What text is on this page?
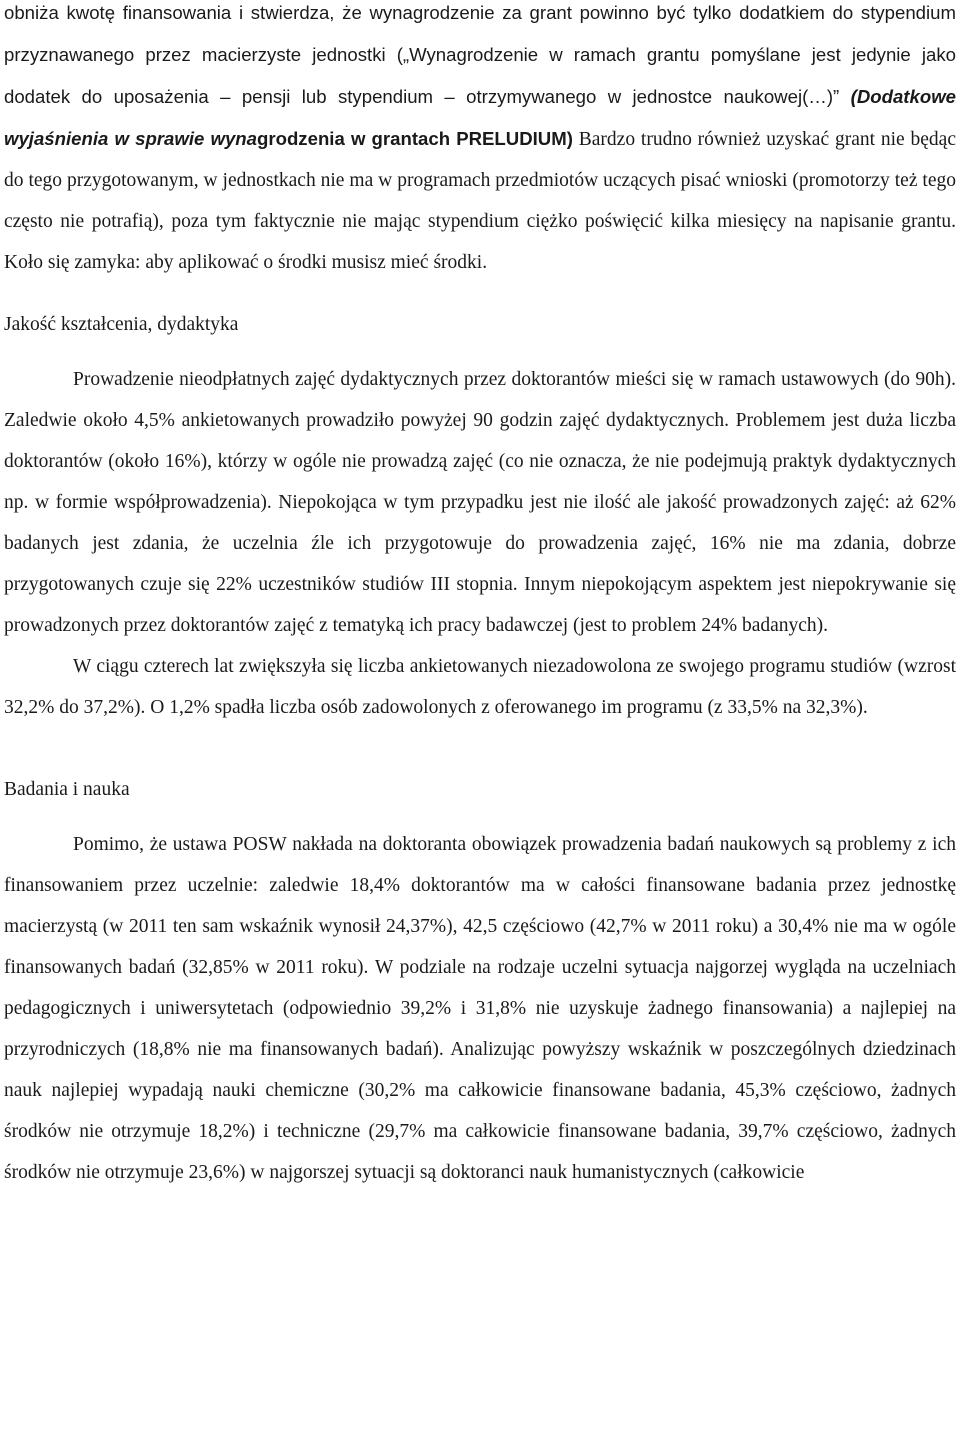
obniża kwotę finansowania i stwierdza, że wynagrodzenie za grant powinno być tylko dodatkiem do stypendium przyznawanego przez macierzyste jednostki („Wynagrodzenie w ramach grantu pomyślane jest jedynie jako dodatek do uposażenia – pensji lub stypendium – otrzymywanego w jednostce naukowej(…)” (Dodatkowe wyjaśnienia w sprawie wynagrodzenia w grantach PRELUDIUM) Bardzo trudno również uzyskać grant nie będąc do tego przygotowanym, w jednostkach nie ma w programach przedmiotów uczących pisać wnioski (promotorzy też tego często nie potrafią), poza tym faktycznie nie mając stypendium ciężko poświęcić kilka miesięcy na napisanie grantu. Koło się zamyka: aby aplikować o środki musisz mieć środki.

Jakość kształcenia, dydaktyka

Prowadzenie nieodpłatnych zajęć dydaktycznych przez doktorantów mieści się w ramach ustawowych (do 90h). Zaledwie około 4,5% ankietowanych prowadziło powyżej 90 godzin zajęć dydaktycznych. Problemem jest duża liczba doktorantów (około 16%), którzy w ogóle nie prowadzą zajęć (co nie oznacza, że nie podejmują praktyk dydaktycznych np. w formie współprowadzenia). Niepokojąca w tym przypadku jest nie ilość ale jakość prowadzonych zajęć: aż 62% badanych jest zdania, że uczelnia źle ich przygotowuje do prowadzenia zajęć, 16% nie ma zdania, dobrze przygotowanych czuje się 22% uczestników studiów III stopnia. Innym niepokojącym aspektem jest niepokrywanie się prowadzonych przez doktorantów zajęć z tematyką ich pracy badawczej (jest to problem 24% badanych).

W ciągu czterech lat zwiększyła się liczba ankietowanych niezadowolona ze swojego programu studiów (wzrost 32,2% do 37,2%). O 1,2% spadła liczba osób zadowolonych z oferowanego im programu (z 33,5% na 32,3%).

Badania i nauka

Pomimo, że ustawa POSW nakłada na doktoranta obowiązek prowadzenia badań naukowych są problemy z ich finansowaniem przez uczelnie: zaledwie 18,4% doktorantów ma w całości finansowane badania przez jednostkę macierzystą (w 2011 ten sam wskaźnik wynosił 24,37%), 42,5 częściowo (42,7% w 2011 roku) a 30,4% nie ma w ogóle finansowanych badań (32,85% w 2011 roku). W podziale na rodzaje uczelni sytuacja najgorzej wygląda na uczelniach pedagogicznych i uniwersytetach (odpowiednio 39,2% i 31,8% nie uzyskuje żadnego finansowania) a najlepiej na przyrodniczych (18,8% nie ma finansowanych badań). Analizując powyższy wskaźnik w poszczególnych dziedzinach nauk najlepiej wypadają nauki chemiczne (30,2% ma całkowicie finansowane badania, 45,3% częściowo, żadnych środków nie otrzymuje 18,2%) i techniczne (29,7% ma całkowicie finansowane badania, 39,7% częściowo, żadnych środków nie otrzymuje 23,6%) w najgorszej sytuacji są doktoranci nauk humanistycznych (całkowicie
